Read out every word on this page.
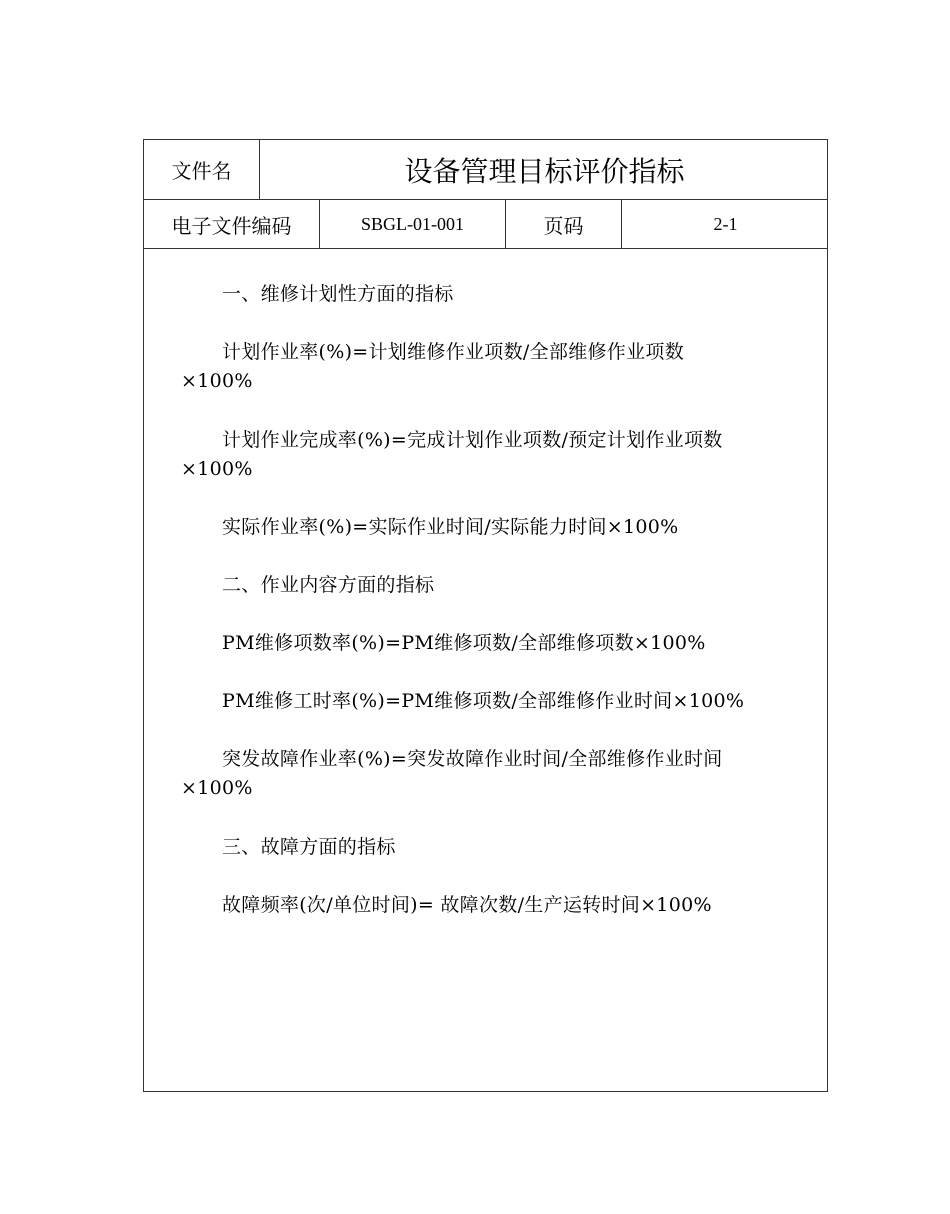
文件名	设备管理目标评价指标
电子文件编码	SBGL-01-001	页码	2-1
一、维修计划性方面的指标
计划作业率(%)=计划维修作业项数/全部维修作业项数
×100%
计划作业完成率(%)=完成计划作业项数/预定计划作业项数
×100%
实际作业率(%)=实际作业时间/实际能力时间×100%
二、作业内容方面的指标
PM维修项数率(%)=PM维修项数/全部维修项数×100%
PM维修工时率(%)=PM维修项数/全部维修作业时间×100%
突发故障作业率(%)=突发故障作业时间/全部维修作业时间
×100%
三、故障方面的指标
故障频率(次/单位时间)= 故障次数/生产运转时间×100%
